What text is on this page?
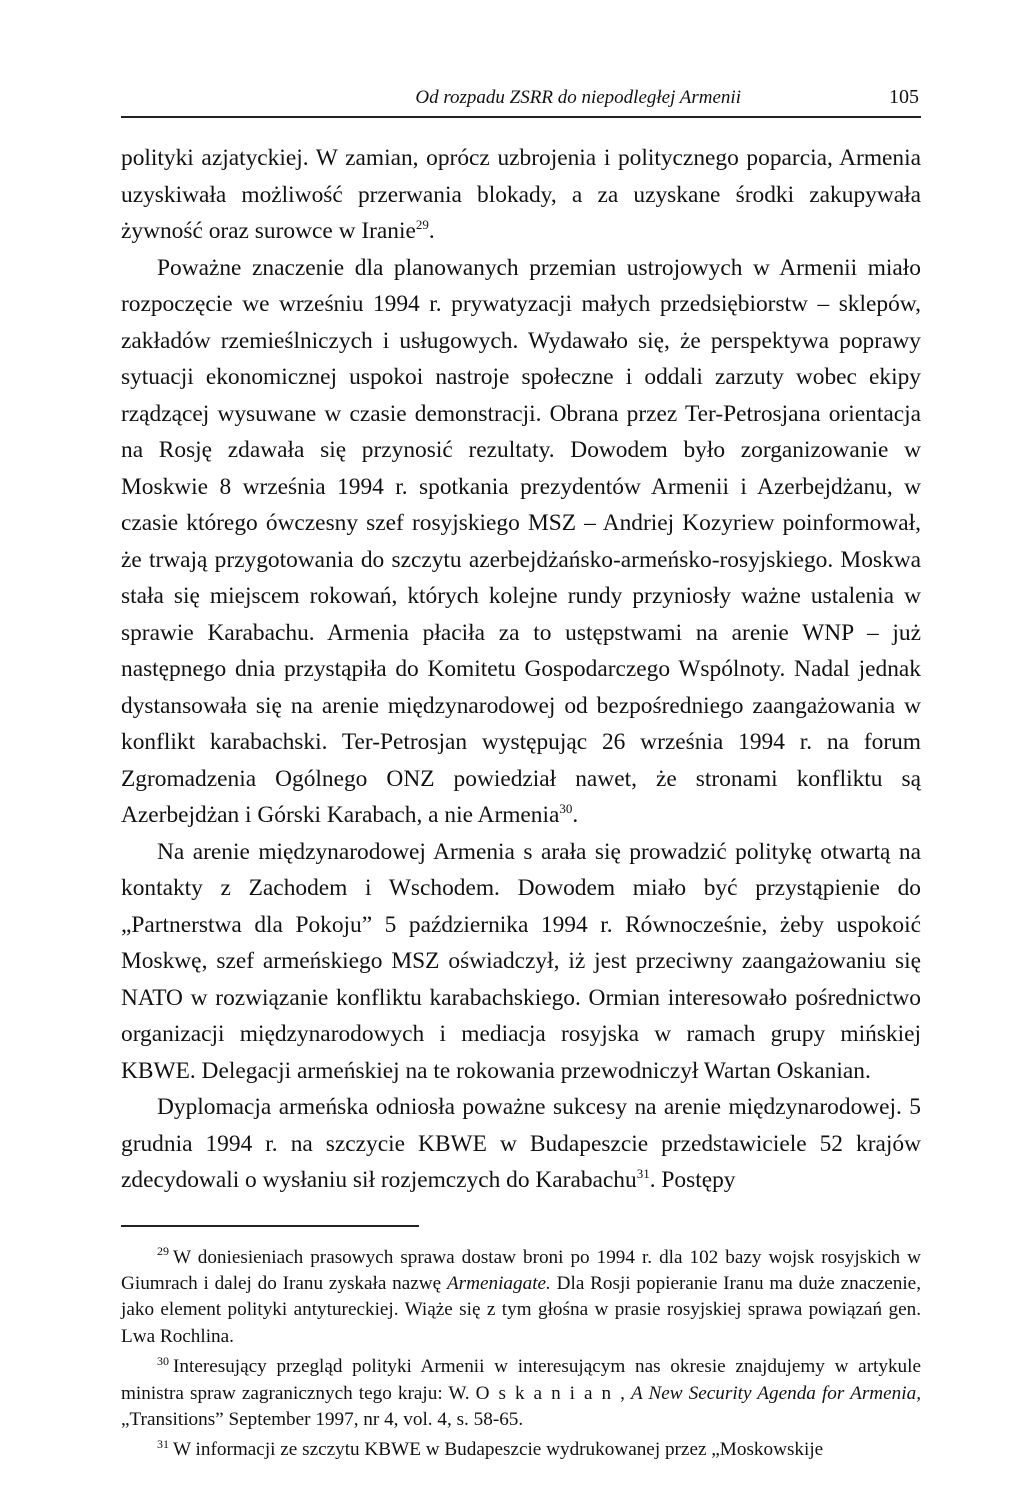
Od rozpadu ZSRR do niepodległej Armenii	105

polityki azjatyckiej. W zamian, oprócz uzbrojenia i politycznego poparcia, Armenia uzyskiwała możliwość przerwania blokady, a za uzyskane środki zakupywała żywność oraz surowce w Iranie$^{29}$.

Poważne znaczenie dla planowanych przemian ustrojowych w Armenii miało rozpoczęcie we wrześniu 1994 r. prywatyzacji małych przedsiębiorstw – sklepów, zakładów rzemieślniczych i usługowych. Wydawało się, że perspektywa poprawy sytuacji ekonomicznej uspokoi nastroje społeczne i oddali zarzuty wobec ekipy rządzącej wysuwane w czasie demonstracji. Obrana przez Ter-Petrosjana orientacja na Rosję zdawała się przynosić rezultaty. Dowodem było zorganizowanie w Moskwie 8 września 1994 r. spotkania prezydentów Armenii i Azerbejdżanu, w czasie którego ówczesny szef rosyjskiego MSZ – Andriej Kozyriew poinformował, że trwają przygotowania do szczytu azerbejdżańsko-armeńsko-rosyjskiego. Moskwa stała się miejscem rokowań, których kolejne rundy przyniosły ważne ustalenia w sprawie Karabachu. Armenia płaciła za to ustępstwami na arenie WNP – już następnego dnia przystąpiła do Komitetu Gospodarczego Wspólnoty. Nadal jednak dystansowała się na arenie międzynarodowej od bezpośredniego zaangażowania w konflikt karabachski. Ter-Petrosjan występując 26 września 1994 r. na forum Zgromadzenia Ogólnego ONZ powiedział nawet, że stronami konfliktu są Azerbejdżan i Górski Karabach, a nie Armenia$^{30}$.

Na arenie międzynarodowej Armenia s arała się prowadzić politykę otwartą na kontakty z Zachodem i Wschodem. Dowodem miało być przystąpienie do „Partnerstwa dla Pokoju” 5 października 1994 r. Równocześnie, żeby uspokoić Moskwę, szef armeńskiego MSZ oświadczył, iż jest przeciwny zaangażowaniu się NATO w rozwiązanie konfliktu karabachskiego. Ormian interesowało pośrednictwo organizacji międzynarodowych i mediacja rosyjska w ramach grupy mińskiej KBWE. Delegacji armeńskiej na te rokowania przewodniczył Wartan Oskanian.

Dyplomacja armeńska odniosła poważne sukcesy na arenie międzynarodowej. 5 grudnia 1994 r. na szczycie KBWE w Budapeszcie przedstawiciele 52 krajów zdecydowali o wysłaniu sił rozjemczych do Karabachu$^{31}$. Postępy

$^{29}$ W doniesieniach prasowych sprawa dostaw broni po 1994 r. dla 102 bazy wojsk rosyjskich w Giumrach i dalej do Iranu zyskała nazwę Armeniagate. Dla Rosji popieranie Iranu ma duże znaczenie, jako element polityki antytureckiej. Wiąże się z tym głośna w prasie rosyjskiej sprawa powiązań gen. Lwa Rochlina.

$^{30}$ Interesujący przegląd polityki Armenii w interesującym nas okresie znajdujemy w artykule ministra spraw zagranicznych tego kraju: W. Oskanian, A New Security Agenda for Armenia, „Transitions” September 1997, nr 4, vol. 4, s. 58-65.

$^{31}$ W informacji ze szczytu KBWE w Budapeszcie wydrukowanej przez „Moskowskije
